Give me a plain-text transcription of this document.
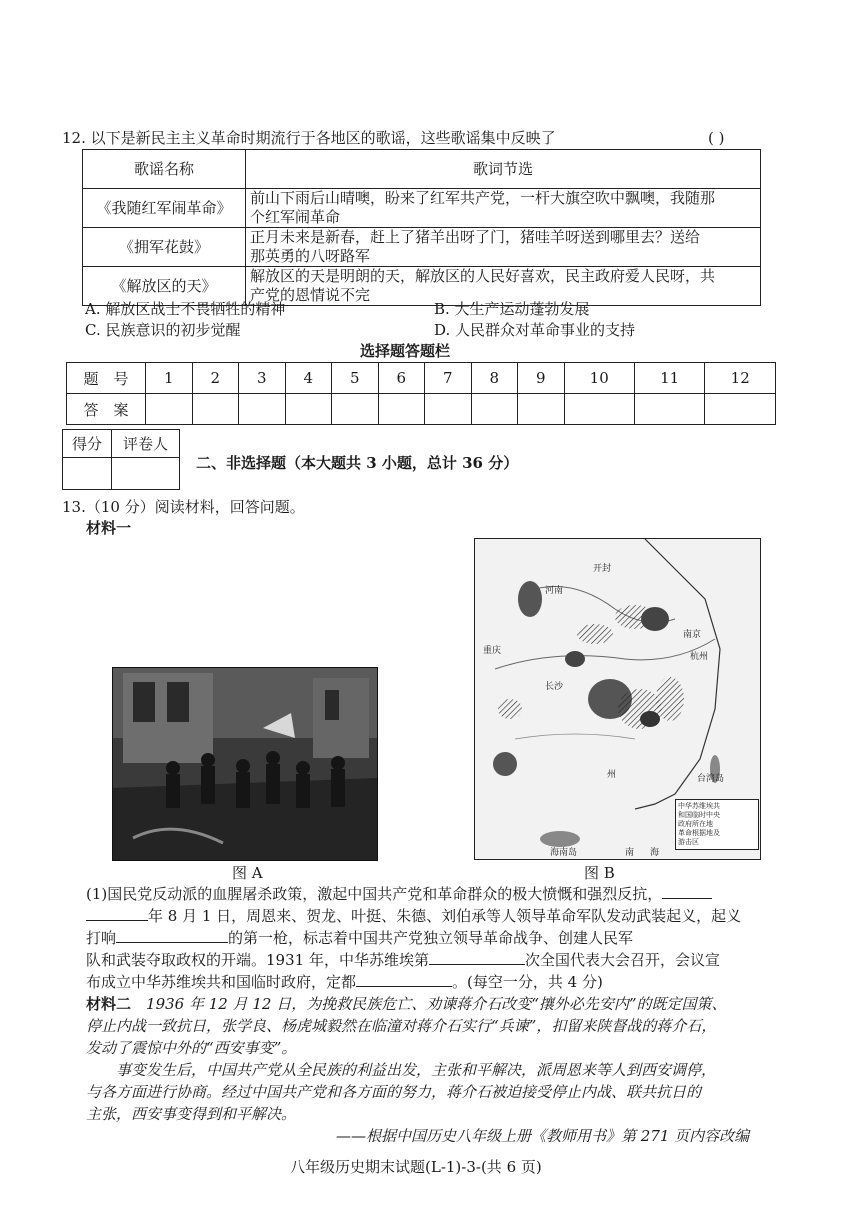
12. 以下是新民主主义革命时期流行于各地区的歌谣，这些歌谣集中反映了	( )
歌谣名称	歌词节选
《我随红军闹革命》	前山下雨后山晴噢，盼来了红军共产党，一杆大旗空吹中飘噢，我随那
个红军闹革命
《拥军花鼓》	正月未来是新春，赶上了猪羊出呀了门，猪哇羊呀送到哪里去？送给
那英勇的八呀路军
《解放区的天》	解放区的天是明朗的天，解放区的人民好喜欢，民主政府爱人民呀，共
产党的恩情说不完
A. 解放区战士不畏牺牲的精神	B. 大生产运动蓬勃发展
C. 民族意识的初步觉醒	D. 人民群众对革命事业的支持
选择题答题栏
题　号	1	2	3	4	5	6	7	8	9	10	11	12
答　案												
得分	评卷人

二、非选择题（本大题共 3 小题，总计 36 分）
13.（10 分）阅读材料，回答问题。
材料一
图 A
开封
河南
南京
杭州
重庆
长沙
台湾岛
海南岛
州
南 海
中华苏维埃共
和国临时中央
政府所在地
革命根据地及
游击区
图 B
(1)国民党反动派的血腥屠杀政策，激起中国共产党和革命群众的极大愤慨和强烈反抗，
年 8 月 1 日，周恩来、贺龙、叶挺、朱德、刘伯承等人领导革命军队发动武装起义，起义
打响	的第一枪，标志着中国共产党独立领导革命战争、创建人民军
队和武装夺取政权的开端。1931 年，中华苏维埃第	次全国代表大会召开，会议宣
布成立中华苏维埃共和国临时政府，定都	。(每空一分，共 4 分)
材料二　 1936 年 12 月 12 日，为挽救民族危亡、劝谏蒋介石改变“攘外必先安内”的既定国策、
停止内战一致抗日，张学良、杨虎城毅然在临潼对蒋介石实行“兵谏”，扣留来陕督战的蒋介石，
发动了震惊中外的“西安事变”。
事变发生后，中国共产党从全民族的利益出发，主张和平解决，派周恩来等人到西安调停，
与各方面进行协商。经过中国共产党和各方面的努力，蒋介石被迫接受停止内战、联共抗日的
主张，西安事变得到和平解决。
——根据中国历史八年级上册《教师用书》第 271 页内容改编
八年级历史期末试题(L-1)-3-(共 6 页)
